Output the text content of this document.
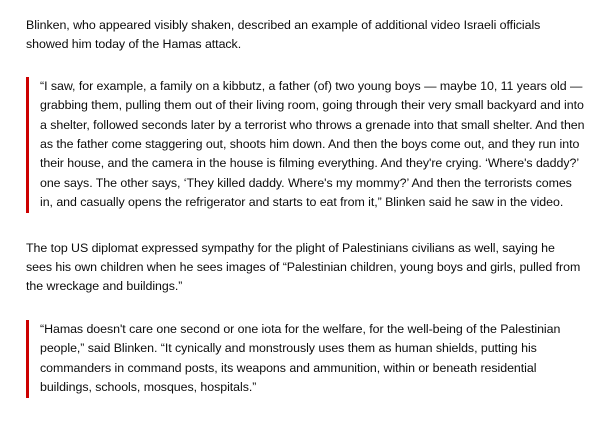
Blinken, who appeared visibly shaken, described an example of additional video Israeli officials showed him today of the Hamas attack.

“I saw, for example, a family on a kibbutz, a father (of) two young boys — maybe 10, 11 years old — grabbing them, pulling them out of their living room, going through their very small backyard and into a shelter, followed seconds later by a terrorist who throws a grenade into that small shelter. And then as the father come staggering out, shoots him down. And then the boys come out, and they run into their house, and the camera in the house is filming everything. And they're crying. ‘Where's daddy?’ one says. The other says, ‘They killed daddy. Where's my mommy?’ And then the terrorists comes in, and casually opens the refrigerator and starts to eat from it,” Blinken said he saw in the video.

The top US diplomat expressed sympathy for the plight of Palestinians civilians as well, saying he sees his own children when he sees images of “Palestinian children, young boys and girls, pulled from the wreckage and buildings.”

“Hamas doesn't care one second or one iota for the welfare, for the well-being of the Palestinian people,” said Blinken. “It cynically and monstrously uses them as human shields, putting his commanders in command posts, its weapons and ammunition, within or beneath residential buildings, schools, mosques, hospitals.”
